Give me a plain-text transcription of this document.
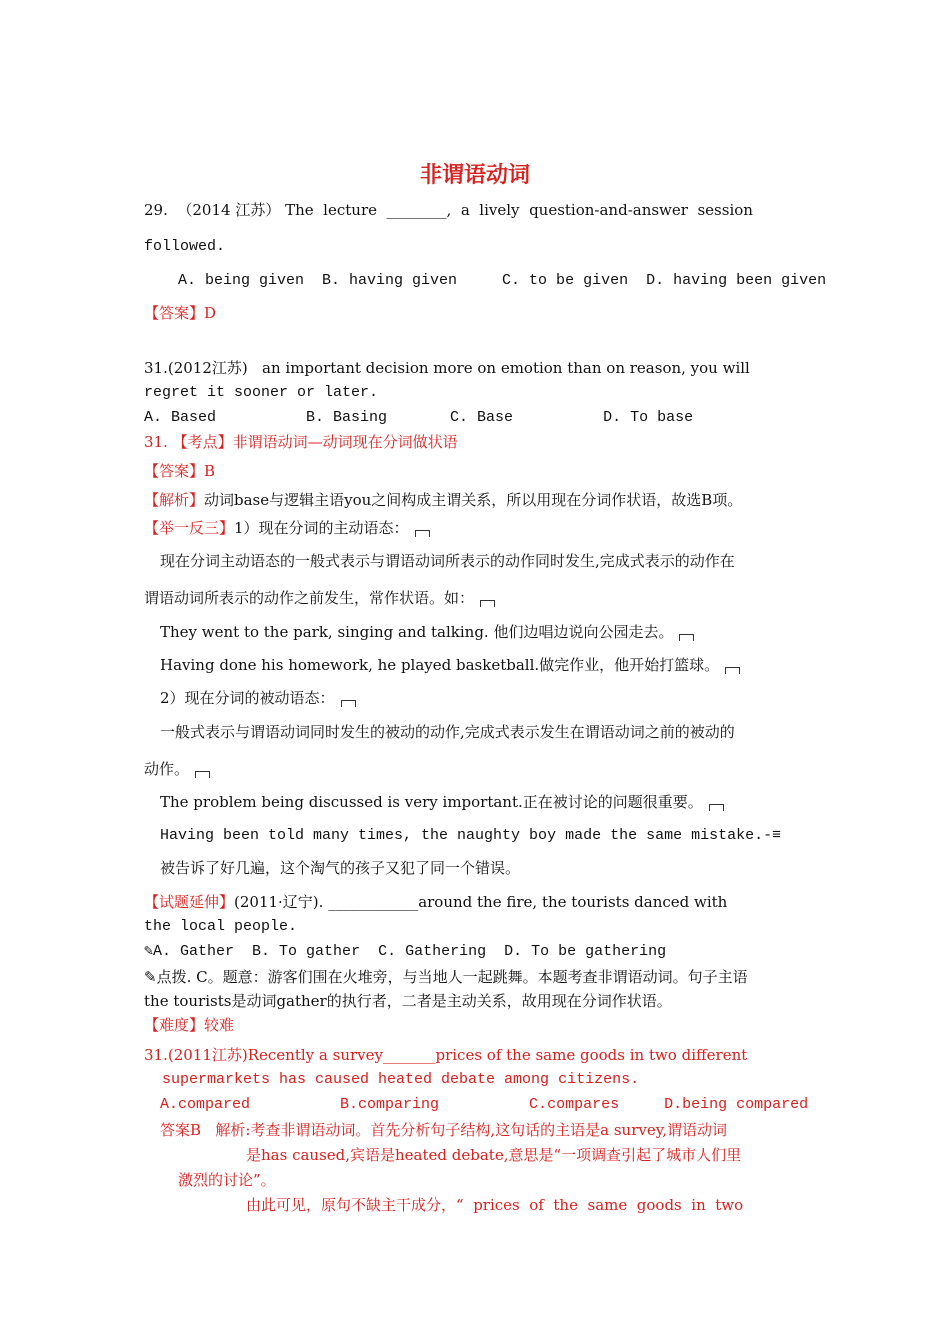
非谓语动词
29.  （2014 江苏） The  lecture  ________,  a  lively  question-and-answer  session
followed.
A. being given  B. having given     C. to be given  D. having been given
【答案】D
31.(2012江苏)   an important decision more on emotion than on reason, you will
regret it sooner or later.
A. Based          B. Basing       C. Base          D. To base
31. 【考点】非谓语动词—动词现在分词做状语
【答案】B
【解析】动词base与逻辑主语you之间构成主谓关系，所以用现在分词作状语，故选B项。
【举一反三】1）现在分词的主动语态：
现在分词主动语态的一般式表示与谓语动词所表示的动作同时发生,完成式表示的动作在
谓语动词所表示的动作之前发生，常作状语。如：
They went to the park, singing and talking. 他们边唱边说向公园走去。
Having done his homework, he played basketball.做完作业，他开始打篮球。
2）现在分词的被动语态：
一般式表示与谓语动词同时发生的被动的动作,完成式表示发生在谓语动词之前的被动的
动作。
The problem being discussed is very important.正在被讨论的问题很重要。
Having been told many times, the naughty boy made the same mistake.-≡
被告诉了好几遍，这个淘气的孩子又犯了同一个错误。
【试题延伸】(2011·辽宁). ____________around the fire, the tourists danced with
the local people.
✎A. Gather  B. To gather  C. Gathering  D. To be gathering
✎点拨. C。题意：游客们围在火堆旁，与当地人一起跳舞。本题考查非谓语动词。句子主语
the tourists是动词gather的执行者，二者是主动关系，故用现在分词作状语。
【难度】较难
31.(2011江苏)Recently a survey_______prices of the same goods in two different
supermarkets has caused heated debate among citizens.
A.compared          B.comparing          C.compares     D.being compared
答案B   解析:考查非谓语动词。首先分析句子结构,这句话的主语是a survey,谓语动词
是has caused,宾语是heated debate,意思是“一项调查引起了城市人们里
激烈的讨论”。
由此可见，原句不缺主干成分，“  prices  of  the  same  goods  in  two
